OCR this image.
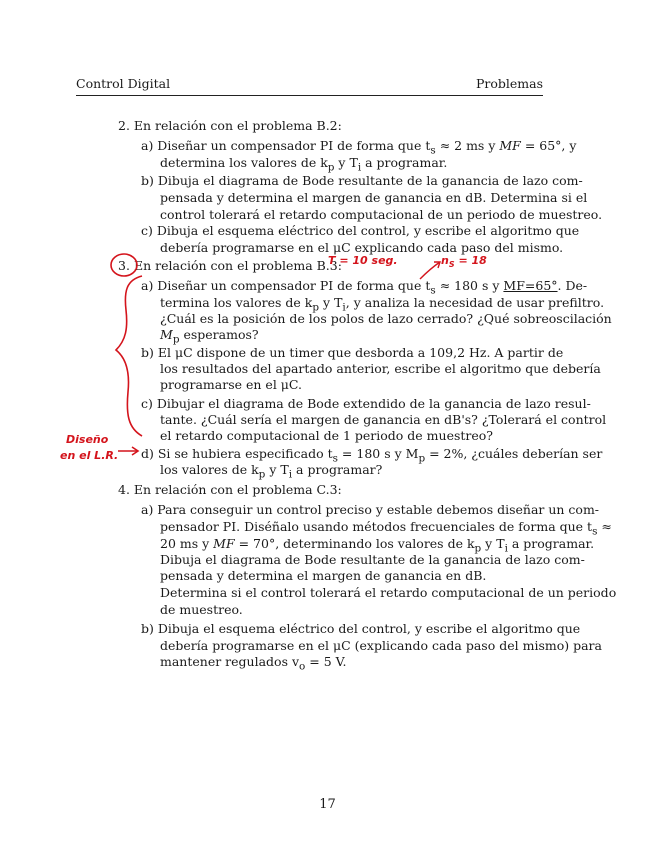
Control Digital	Problemas
2. En relación con el problema B.2:
a) Diseñar un compensador PI de forma que $t_s \approx 2$ ms y MF = 65°, y
determina los valores de $k_p$ y $T_i$ a programar.
b) Dibuja el diagrama de Bode resultante de la ganancia de lazo com-
pensada y determina el margen de ganancia en dB. Determina si el
control tolerará el retardo computacional de un periodo de muestreo.
c) Dibuja el esquema eléctrico del control, y escribe el algoritmo que
debería programarse en el μC explicando cada paso del mismo.
3. En relación con el problema B.3:
a) Diseñar un compensador PI de forma que $t_s \approx 180$ s y MF=65°. De-
termina los valores de $k_p$ y $T_i$, y analiza la necesidad de usar prefiltro.
¿Cuál es la posición de los polos de lazo cerrado? ¿Qué sobreoscilación
$M_p$ esperamos?
b) El μC dispone de un timer que desborda a 109,2 Hz. A partir de
los resultados del apartado anterior, escribe el algoritmo que debería
programarse en el μC.
c) Dibujar el diagrama de Bode extendido de la ganancia de lazo resul-
tante. ¿Cuál sería el margen de ganancia en dB's? ¿Tolerará el control
el retardo computacional de 1 periodo de muestreo?
d) Si se hubiera especificado $t_s = 180$ s y $M_p = 2\%$, ¿cuáles deberían ser
los valores de $k_p$ y $T_i$ a programar?
4. En relación con el problema C.3:
a) Para conseguir un control preciso y estable debemos diseñar un com-
pensador PI. Diséñalo usando métodos frecuenciales de forma que $t_s$ ≈
20 ms y MF = 70°, determinando los valores de $k_p$ y $T_i$ a programar.
Dibuja el diagrama de Bode resultante de la ganancia de lazo com-
pensada y determina el margen de ganancia en dB.
Determina si el control tolerará el retardo computacional de un periodo
de muestreo.
b) Dibuja el esquema eléctrico del control, y escribe el algoritmo que
debería programarse en el μC (explicando cada paso del mismo) para
mantener regulados $v_o = 5$ V.
17
T = 10 seg.	$n_S = 18$
Diseño
en el L.R.
